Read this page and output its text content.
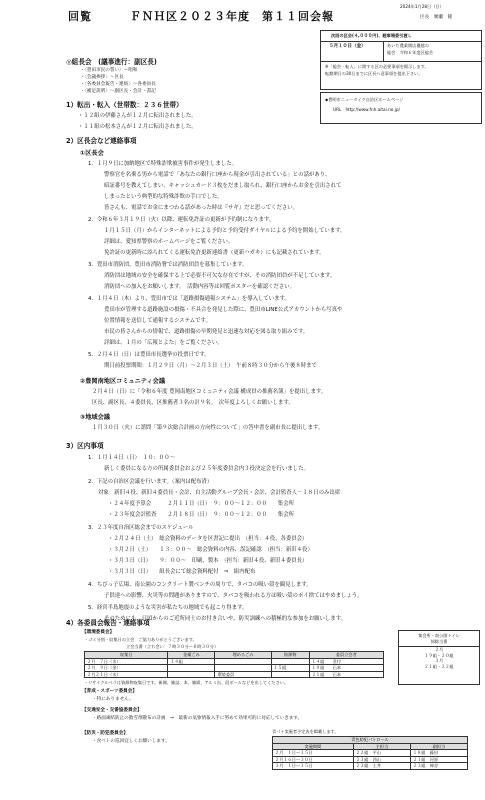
回覧	ＦＮＨ区２０２３年度　第１１回会報
2024年1月28日（日）
区長　廣瀬　隆
次回の区会(４,０００円)、駐車場委引渡し
５月１０日（金）	あいち農業開店優越の
総会　令和６年度区総会
※「総会・転入」に関する区の必要事項を掲示します。
転勤期日の30日までに区長へ意事項を提出下さい。
◆豊明市ニュータイク自治区ホームページ
URL　http://www.fnh.aitai.ne.jp/
◎組長会　(議事進行：副区長)
・〈豊田市民の誓い〉〜唱和
・〈会議挨拶〉〜区長
・〈各委員会報告・連絡〉〜各委員長
・〈補足説明〉〜副区長・会計・書記
1）転出・転入（世帯数：２３６世帯）
・１２組の伊藤さんが１２月に転出されました。
・１１組の松本さんが１２月に転出されました。
2）区長会など連絡事項
①区長会
1．１月９日に加納地区で特殊詐欺被害事件が発生しました。
警察官を名乗る男から電話で「あなたの銀行口座から現金が引出されている」との話があり、
暗証番号を教えてしまい、キャッシュカード３枚をだまし取られ、銀行口座からお金を引出されて
しまったという典型的な特殊詐欺の手口でした。
皆さんも、電話でお金にまつわる話があった時は『サギ』だと思ってください。
2．令和６年３月１９日（火）以降、運転免許証の更新が予約制になります。
１月１５日（月）からインターネットによる予約と予約受付ダイヤルによる予約を開始しています。
詳細は、愛知県警察のホームページをご覧ください。
免許証の更新時に添られてくる運転免許更新連絡書（更新ハガキ）にも記載されています。
3．豊田市消防団、豊田市消防署では消防団員を募集しています。
消防団は地域の安全を確保する上で必要不可欠な存在ですが、その消防団員が不足しています。
消防団への加入をお願いします。　活動内容等は回覧ポスターを確認ください。
4．１月４日（木）より、豊田市では「道路損傷通報システム」を導入しています。
豊田市が管理する道路施設の損傷・不具合を発見した際に、豊田市LINE公式アカウントから写真や
位置情報を送信して通報するシステムです。
市民の皆さんからの情報で、道路損傷の早期発見と迅速な対応を図る取り組みです。
詳細は、１月の「広報とよた」をご覧ください。
5．２月４日（日）は豊田市長選挙の投票日です。
期日前投票期間：１月２９日（月）〜２月３日（土）　午前８時３０分から午後８時まで
②豊岡南地区コミュニティ会議
２月４日（日）に「令和６年度 豊岡南地区コミュニティ会議 構成員の推薦名簿」を提出します。
区長、副区長、４委員長、区推薦者３名の計９名。　次年度よろしくお願いします。
③地域会議
１月３０日（火）に諮問「第９次総合計画の方向性について」の答申書を副市長に提出します。
3）区内事項
1．１月１４日（日）　１０：００〜
新しく委員になる方の所属委員会および２５年度委員会内３役決定会を行いました。
2．下記の自治区会議を行います。（案内は配布済）
対象：新旧４役、新旧４委員長・会計、自主活動グループ会長・会計、会計監査人－１８日のみ出席
・２４年度予算会　　　２月１１日（日）　９：００〜１２：００　　集会所
・２３年度会計監査　　２月１８日（日）　９：００〜１２：００　　集会所
3．２３年度自治区総会までのスケジュール
・２月２４日（土）　総会資料のデータを区書記に提出　（担当：４役、各委員会）
・３月２日（土）　　１３：００〜　総会資料の内容、誤記確認　（担当：新旧４役）
・３月３日（日）　　９：００〜　印刷、製本　（担当：新旧４役、新旧４委員長）
・３月３日（日）　　組長会にて総会資料配付　⇒　組内配布
4．ちびっ子広場、南公園のコンクリート製ベンチの周りで、タバコの吸い殻を観見します。
子供達への影響、火災等の問題がありますので、タバコを吸われる方は吸い殻のポイ捨てはやめましょう。
5．経営半島地震のような災害が私たちの地域でも起こり得ます。
そのためにも、日頃からのご近所同士のお付き合いや、防災訓練への積極的な参加をお願いします。
4）各委員会報告・連絡事項
【環境委員会】
・ゴミ分別・収集日の立会　ご協力ありがとうございます。
立会当番（立ち会い：７時３０分〜８時３０分）
収集日	金属ごみ	埋めるごみ	資源物	委員立会者
２月　７日（水）	１４組			１４組　　君付
２月　９日（金）			１５組	１９組　　石本
２月２１日（水）		環境委員		２１組　　石本
・リサイクルベラは資源物収集日です。新聞、雑誌、本、雑紙、アルミ缶、段ボールなどを出してください。
集会所・南公園トイレ
掃除当番
２月
１９組・２０組
３月
２１組・２２組
【育成・スポーツ委員会】
・特にありません。
【交通安全・交番協委員会】
・路面凍結防止の散雪剤散布の計画　⇒　最新の気象情報入手に努めて効果可的に対応していきます。
【防災・防犯委員会】
・食べトの巡回宜しくお願いします。
青パト実施者予定表を掲載します。
青色防犯パトロール		
実施期間	主担当	副担当
２月　１日〜１５日	２２組　平山	１８組　藤田
２月１６日〜３０日	２３組　西山	２１組　河原
３月　１日〜１５日	２３組　土井	２３組　神谷
